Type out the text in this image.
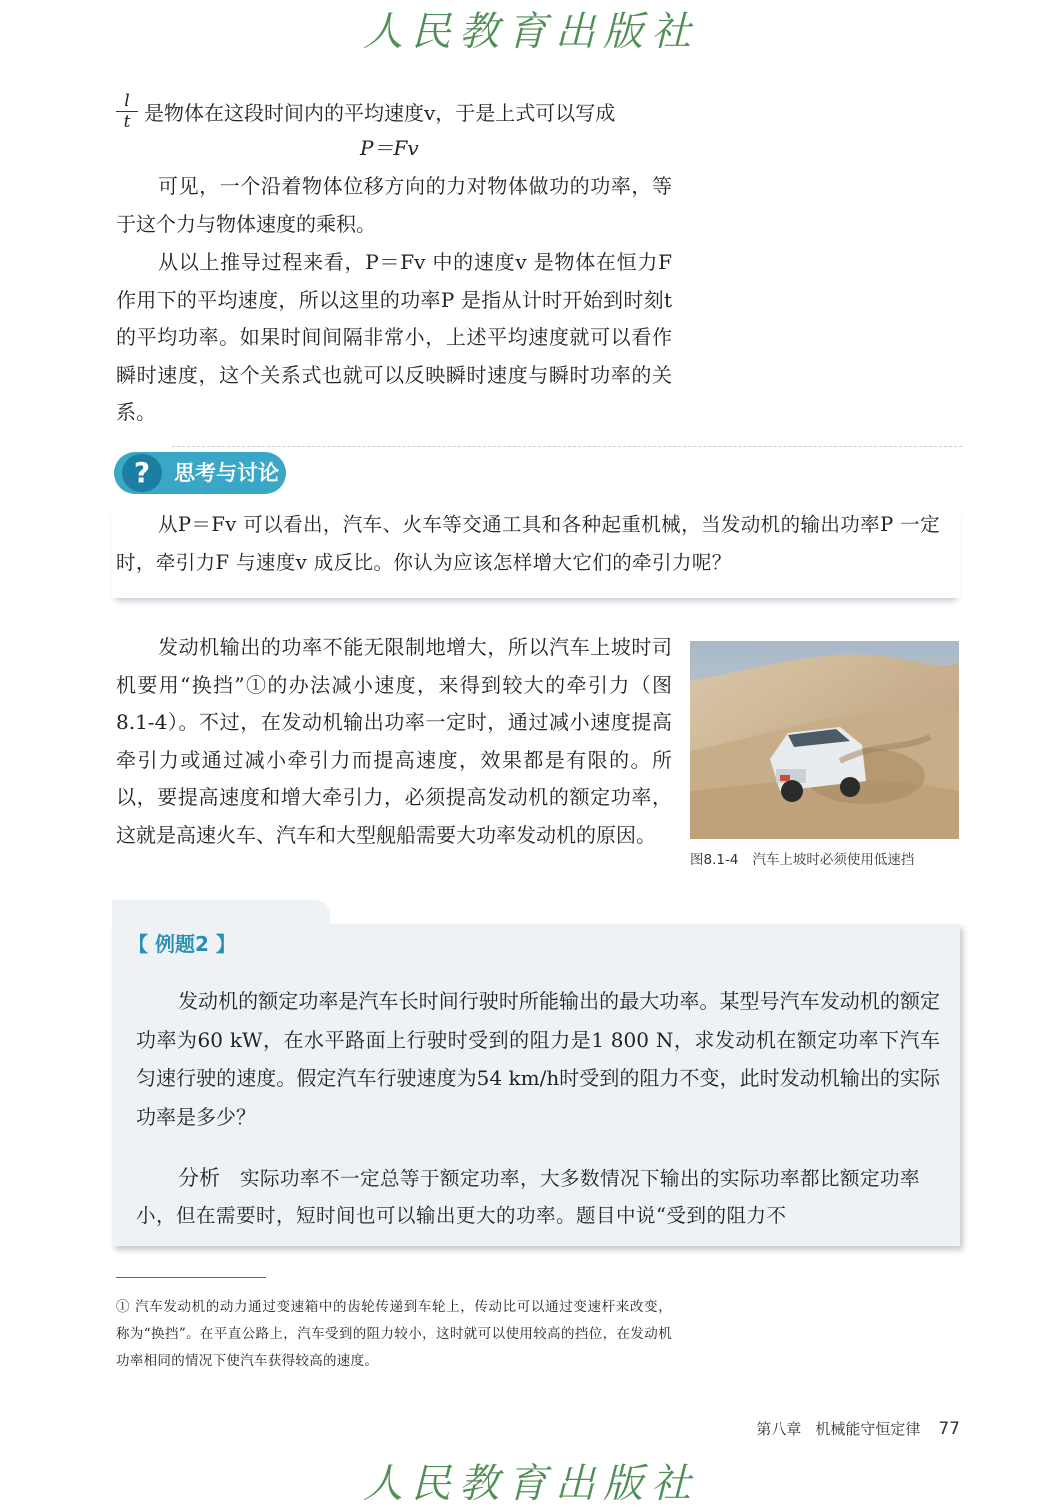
人民教育出版社
l
t 是物体在这段时间内的平均速度v，于是上式可以写成

P＝Fv

可见，一个沿着物体位移方向的力对物体做功的功率，等于这个力与物体速度的乘积。

从以上推导过程来看，P＝Fv 中的速度v 是物体在恒力F作用下的平均速度，所以这里的功率P 是指从计时开始到时刻t 的平均功率。如果时间间隔非常小，上述平均速度就可以看作瞬时速度，这个关系式也就可以反映瞬时速度与瞬时功率的关系。

?	思考与讨论

从P＝Fv 可以看出，汽车、火车等交通工具和各种起重机械，当发动机的输出功率P 一定时，牵引力F 与速度v 成反比。你认为应该怎样增大它们的牵引力呢？

发动机输出的功率不能无限制地增大，所以汽车上坡时司机要用“换挡”①的办法减小速度，来得到较大的牵引力（图8.1-4）。不过，在发动机输出功率一定时，通过减小速度提高牵引力或通过减小牵引力而提高速度，效果都是有限的。所以，要提高速度和增大牵引力，必须提高发动机的额定功率，这就是高速火车、汽车和大型舰船需要大功率发动机的原因。

图8.1-4 汽车上坡时必须使用低速挡
【 例题2 】

发动机的额定功率是汽车长时间行驶时所能输出的最大功率。某型号汽车发动机的额定功率为60 kW，在水平路面上行驶时受到的阻力是1 800 N，求发动机在额定功率下汽车匀速行驶的速度。假定汽车行驶速度为54 km/h时受到的阻力不变，此时发动机输出的实际功率是多少？

分析　 实际功率不一定总等于额定功率，大多数情况下输出的实际功率都比额定功率小，但在需要时，短时间也可以输出更大的功率。题目中说“受到的阻力不

① 汽车发动机的动力通过变速箱中的齿轮传递到车轮上，传动比可以通过变速杆来改变，称为“换挡”。在平直公路上，汽车受到的阻力较小，这时就可以使用较高的挡位，在发动机功率相同的情况下使汽车获得较高的速度。

第八章 机械能守恒定律 77
人民教育出版社
